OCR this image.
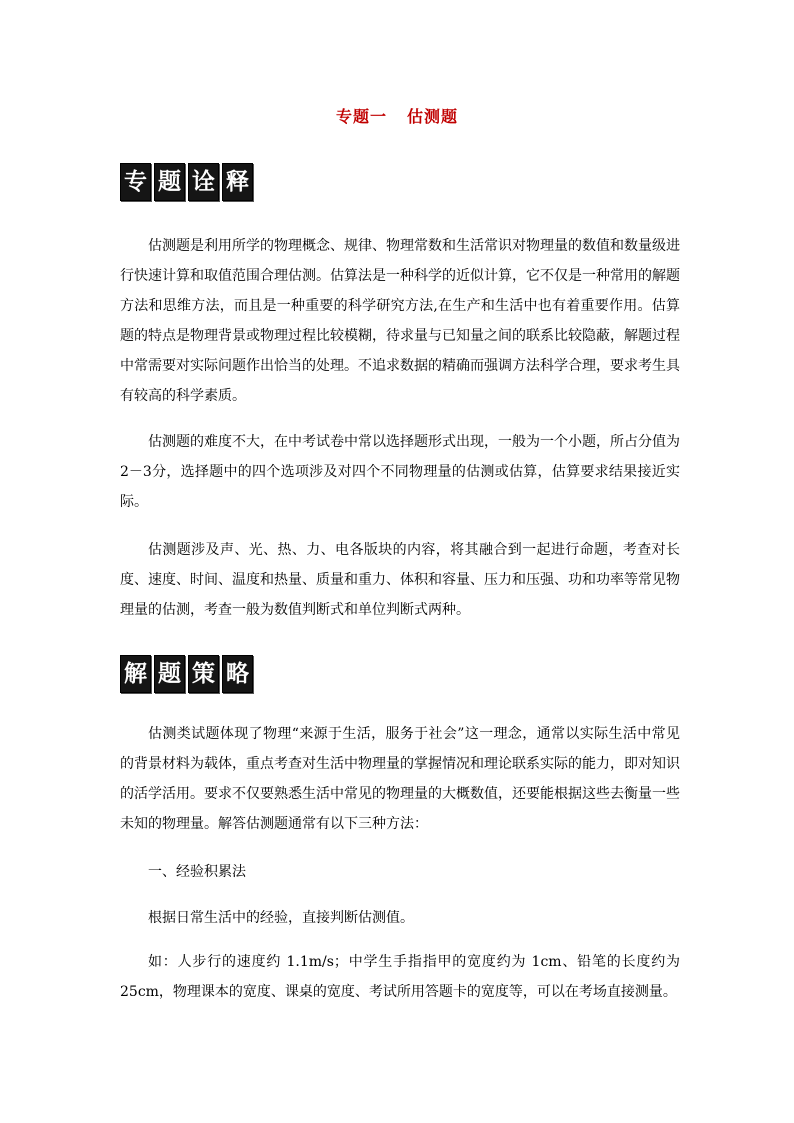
专题一 估测题
专 题 诠 释

估测题是利用所学的物理概念、规律、物理常数和生活常识对物理量的数值和数量级进行快速计算和取值范围合理估测。估算法是一种科学的近似计算，它不仅是一种常用的解题方法和思维方法，而且是一种重要的科学研究方法,在生产和生活中也有着重要作用。估算题的特点是物理背景或物理过程比较模糊，待求量与已知量之间的联系比较隐蔽，解题过程中常需要对实际问题作出恰当的处理。不追求数据的精确而强调方法科学合理，要求考生具有较高的科学素质。

估测题的难度不大，在中考试卷中常以选择题形式出现，一般为一个小题，所占分值为2－3分，选择题中的四个选项涉及对四个不同物理量的估测或估算，估算要求结果接近实际。

估测题涉及声、光、热、力、电各版块的内容，将其融合到一起进行命题，考查对长度、速度、时间、温度和热量、质量和重力、体积和容量、压力和压强、功和功率等常见物理量的估测，考查一般为数值判断式和单位判断式两种。

解 题 策 略

估测类试题体现了物理“来源于生活，服务于社会”这一理念，通常以实际生活中常见的背景材料为载体，重点考查对生活中物理量的掌握情况和理论联系实际的能力，即对知识的活学活用。要求不仅要熟悉生活中常见的物理量的大概数值，还要能根据这些去衡量一些未知的物理量。解答估测题通常有以下三种方法：

一、经验积累法

根据日常生活中的经验，直接判断估测值。

如：人步行的速度约 1.1m/s；中学生手指指甲的宽度约为 1cm、铅笔的长度约为 25cm，物理课本的宽度、课桌的宽度、考试所用答题卡的宽度等，可以在考场直接测量。
